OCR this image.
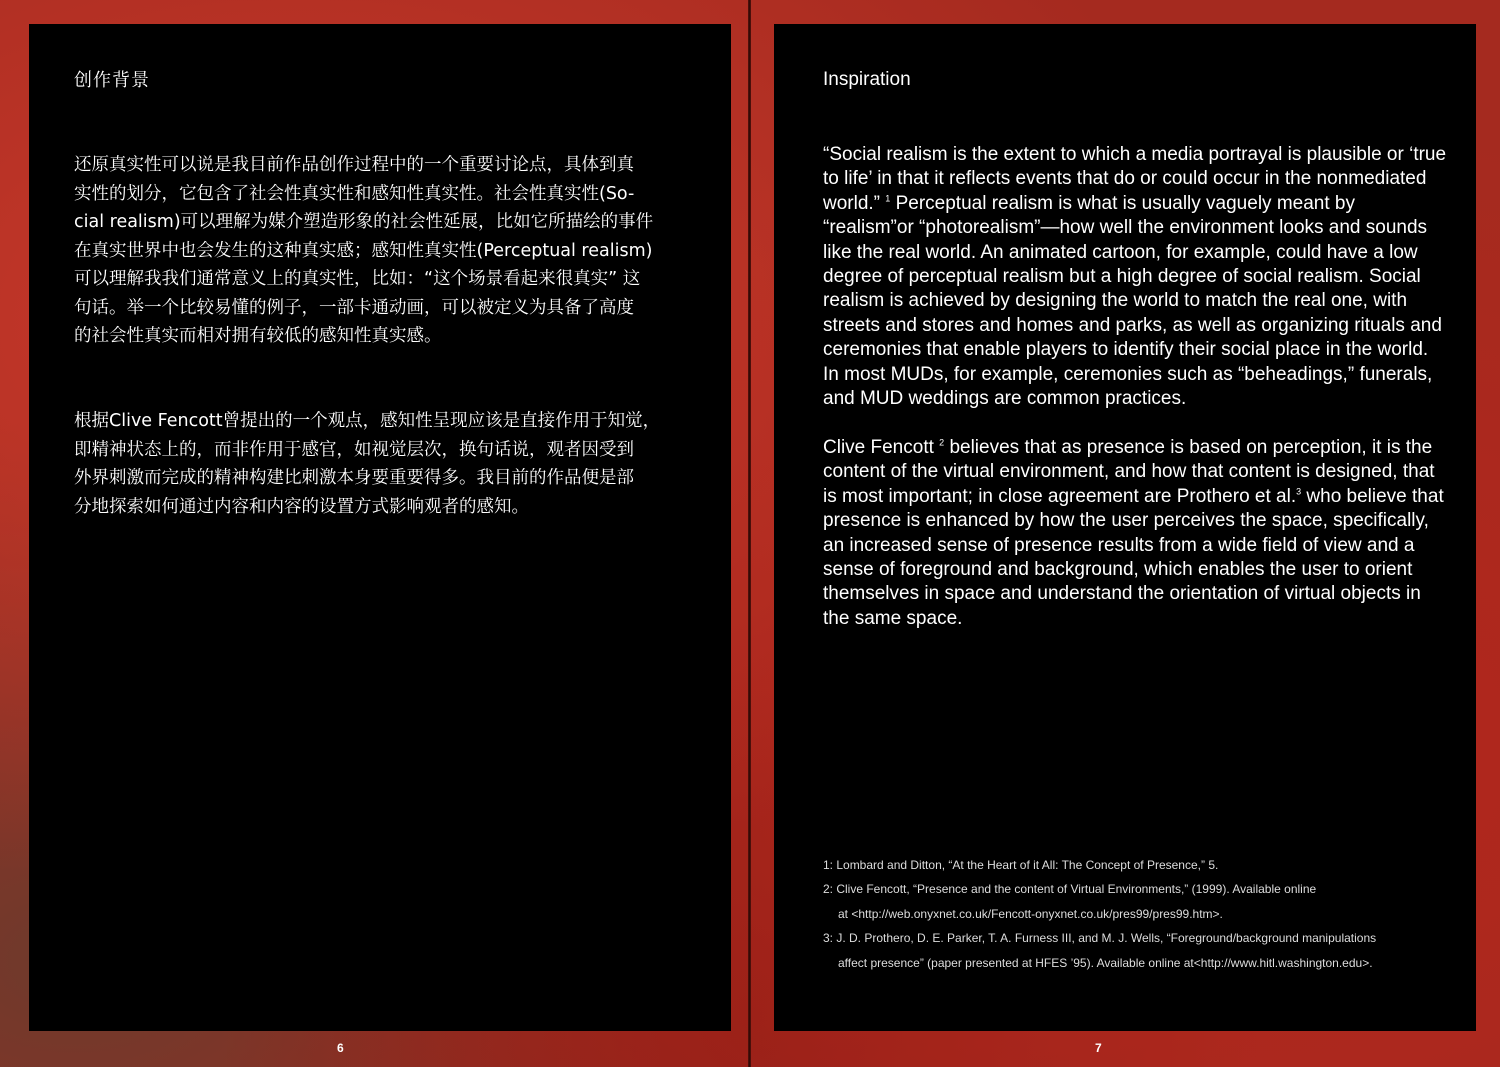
创作背景

还原真实性可以说是我目前作品创作过程中的一个重要讨论点，具体到真
实性的划分，它包含了社会性真实性和感知性真实性。社会性真实性(So-
cial realism)可以理解为媒介塑造形象的社会性延展，比如它所描绘的事件
在真实世界中也会发生的这种真实感；感知性真实性(Perceptual realism)
可以理解我我们通常意义上的真实性，比如：“这个场景看起来很真实” 这
句话。举一个比较易懂的例子，一部卡通动画，可以被定义为具备了高度
的社会性真实而相对拥有较低的感知性真实感。

根据Clive Fencott曾提出的一个观点，感知性呈现应该是直接作用于知觉，
即精神状态上的，而非作用于感官，如视觉层次，换句话说，观者因受到
外界刺激而完成的精神构建比刺激本身要重要得多。我目前的作品便是部
分地探索如何通过内容和内容的设置方式影响观者的感知。

Inspiration

“Social realism is the extent to which a media portrayal is plausible or ‘true to life’ in that it reflects events that do or could occur in the nonmediated world.” $^1$ Perceptual realism is what is usually vaguely meant by “realism”or “photorealism”—how well the environment looks and sounds like the real world. An animated cartoon, for example, could have a low degree of perceptual realism but a high degree of social realism. Social realism is achieved by designing the world to match the real one, with streets and stores and homes and parks, as well as organizing rituals and ceremonies that enable players to identify their social place in the world. In most MUDs, for example, ceremonies such as “beheadings,” funerals, and MUD weddings are common practices.

Clive Fencott $^2$ believes that as presence is based on perception, it is the content of the virtual environment, and how that content is designed, that is most important; in close agreement are Prothero et al.$^3$ who believe that presence is enhanced by how the user perceives the space, specifically, an increased sense of presence results from a wide field of view and a sense of foreground and background, which enables the user to orient themselves in space and understand the orientation of virtual objects in the same space.

1: Lombard and Ditton, “At the Heart of it All: The Concept of Presence,” 5.
2: Clive Fencott, “Presence and the content of Virtual Environments,” (1999). Available online
at <http://web.onyxnet.co.uk/Fencott-onyxnet.co.uk/pres99/pres99.htm>.
3: J. D. Prothero, D. E. Parker, T. A. Furness III, and M. J. Wells, “Foreground/background manipulations
affect presence” (paper presented at HFES ’95). Available online at<http://www.hitl.washington.edu>.
6	7
